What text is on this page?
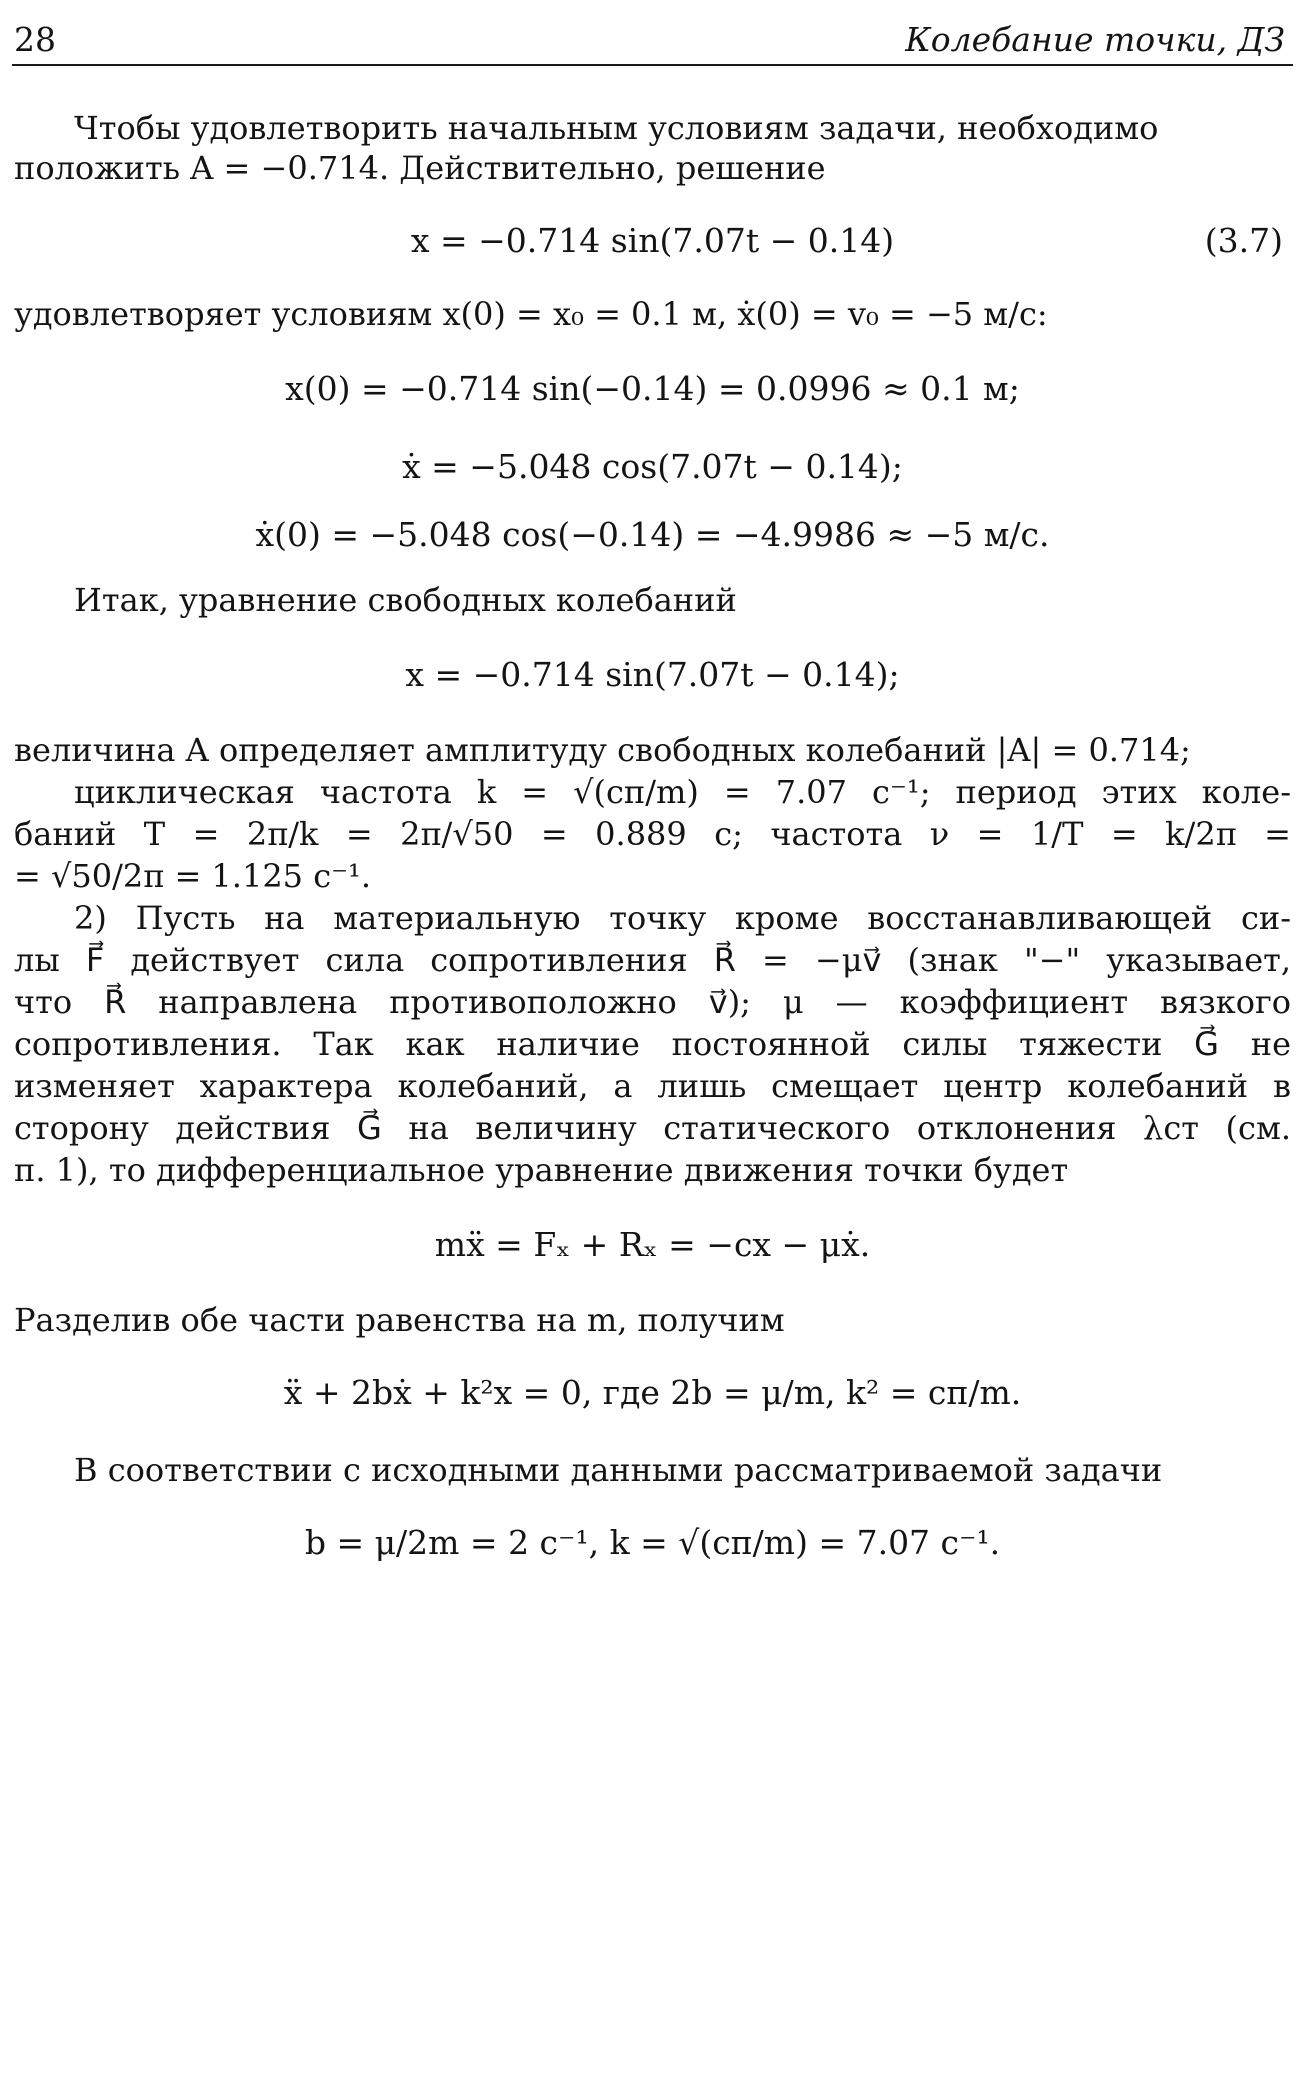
28	Колебание точки, ДЗ
Чтобы удовлетворить начальным условиям задачи, необходимо
положить A = −0.714. Действительно, решение
x = −0.714 sin(7.07t − 0.14)	(3.7)
удовлетворяет условиям x(0) = x₀ = 0.1 м, ẋ(0) = v₀ = −5 м/с:
x(0) = −0.714 sin(−0.14) = 0.0996 ≈ 0.1 м;
ẋ = −5.048 cos(7.07t − 0.14);
ẋ(0) = −5.048 cos(−0.14) = −4.9986 ≈ −5 м/с.
Итак, уравнение свободных колебаний
x = −0.714 sin(7.07t − 0.14);
величина A определяет амплитуду свободных колебаний |A| = 0.714;
циклическая частота k = √(cп/m) = 7.07 с⁻¹; период этих коле-
баний T = 2π/k = 2π/√50 = 0.889 с; частота ν = 1/T = k/2π =
= √50/2π = 1.125 с⁻¹.
2) Пусть на материальную точку кроме восстанавливающей си-
лы F⃗ действует сила сопротивления R⃗ = −μv⃗ (знак "−" указывает,
что R⃗ направлена противоположно v⃗); μ — коэффициент вязкого
сопротивления. Так как наличие постоянной силы тяжести G⃗ не
изменяет характера колебаний, а лишь смещает центр колебаний в
сторону действия G⃗ на величину статического отклонения λст (см.
п. 1), то дифференциальное уравнение движения точки будет
mẍ = Fₓ + Rₓ = −cx − μẋ.
Разделив обе части равенства на m, получим
ẍ + 2bẋ + k²x = 0, где 2b = μ/m, k² = cп/m.
В соответствии с исходными данными рассматриваемой задачи
b = μ/2m = 2 с⁻¹, k = √(cп/m) = 7.07 с⁻¹.
